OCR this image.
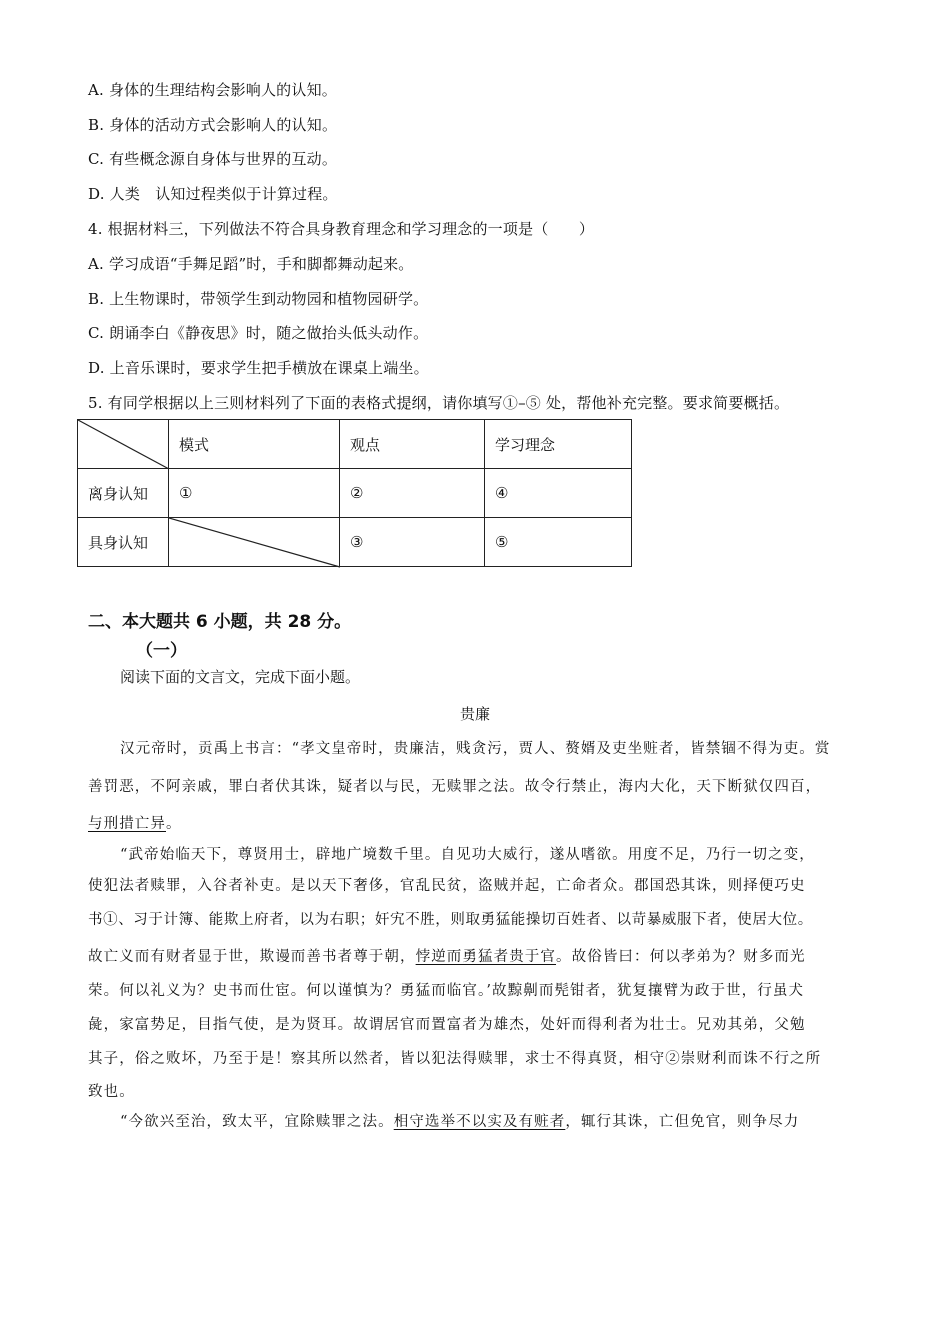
A. 身体的生理结构会影响人的认知。
B. 身体的活动方式会影响人的认知。
C. 有些概念源自身体与世界的互动。
D. 人类　认知过程类似于计算过程。
4. 根据材料三，下列做法不符合具身教育理念和学习理念的一项是（　　）
A. 学习成语“手舞足蹈”时，手和脚都舞动起来。
B. 上生物课时，带领学生到动物园和植物园研学。
C. 朗诵李白《静夜思》时，随之做抬头低头动作。
D. 上音乐课时，要求学生把手横放在课桌上端坐。
5. 有同学根据以上三则材料列了下面的表格式提纲，请你填写①–⑤ 处，帮他补充完整。要求简要概括。
	模式	观点	学习理念
离身认知	①	②	④
具身认知		③	⑤
二、本大题共 6 小题，共 28 分。
（一）
阅读下面的文言文，完成下面小题。
贵廉
汉元帝时，贡禹上书言：“孝文皇帝时，贵廉洁，贱贪污，贾人、赘婿及吏坐赃者，皆禁锢不得为吏。赏
善罚恶，不阿亲戚，罪白者伏其诛，疑者以与民，无赎罪之法。故令行禁止，海内大化，天下断狱仅四百，
与刑措亡异。
“武帝始临天下，尊贤用士，辟地广境数千里。自见功大威行，遂从嗜欲。用度不足，乃行一切之变，
使犯法者赎罪，入谷者补吏。是以天下奢侈，官乱民贫，盗贼并起，亡命者众。郡国恐其诛，则择便巧史
书①、习于计簿、能欺上府者，以为右职；奸宄不胜，则取勇猛能操切百姓者、以苛暴威服下者，使居大位。
故亡义而有财者显于世，欺谩而善书者尊于朝，悖逆而勇猛者贵于官。故俗皆曰：何以孝弟为？财多而光
荣。何以礼义为？史书而仕宦。何以谨慎为？勇猛而临官。’故黥劓而髡钳者，犹复攘臂为政于世，行虽犬
彘，家富势足，目指气使，是为贤耳。故谓居官而置富者为雄杰，处奸而得利者为壮士。兄劝其弟，父勉
其子，俗之败坏，乃至于是！察其所以然者，皆以犯法得赎罪，求士不得真贤，相守②崇财利而诛不行之所
致也。
“今欲兴至治，致太平，宜除赎罪之法。相守选举不以实及有赃者，辄行其诛，亡但免官，则争尽力
